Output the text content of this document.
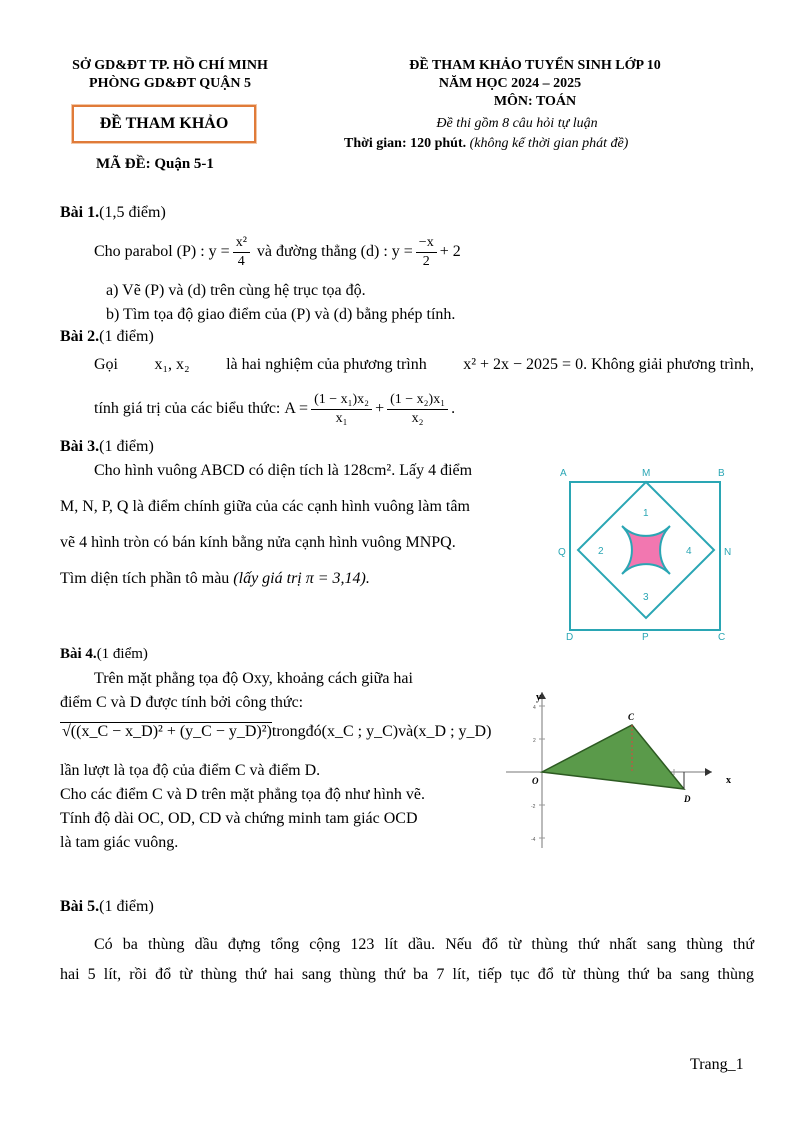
SỞ GD&ĐT TP. HỒ CHÍ MINH
PHÒNG GD&ĐT QUẬN 5
ĐỀ THAM KHẢO TUYỂN SINH LỚP 10
NĂM HỌC 2024 – 2025
MÔN: TOÁN
Đề thi gồm 8 câu hỏi tự luận
Thời gian: 120 phút. (không kể thời gian phát đề)
ĐỀ THAM KHẢO
MÃ ĐỀ: Quận 5-1
Bài 1.(1,5 điểm)
Cho parabol
(P) : $y = \frac{\text{x²}}{4}$
và đường thẳng
(d) : $y = \frac{-x}{2} + 2$
a) Vẽ (P) và (d) trên cùng hệ trục tọa độ.
b) Tìm tọa độ giao điểm của (P) và (d) bằng phép tính.
Bài 2.(1 điểm)
Gọi x₁, x₂ là hai nghiệm của phương trình x² + 2x − 2025 = 0. Không giải phương trình,
tính giá trị của các biểu thức:
$A = \frac{\text{(1 − x₁)x₂}}{\text{x₁}} + \frac{\text{(1 − x₂)x₁}}{\text{x₂}}$ .
Bài 3.(1 điểm)
Cho hình vuông ABCD có diện tích là 128cm². Lấy 4 điểm
M, N, P, Q là điểm chính giữa của các cạnh hình vuông làm tâm
vẽ 4 hình tròn có bán kính bằng nửa cạnh hình vuông MNPQ.
Tìm diện tích phần tô màu (lấy giá trị π = 3,14).
A	M	B
Q	N
D	P	C
1
2
3
4
Bài 4.(1 điểm)
Trên mặt phẳng tọa độ Oxy, khoảng cách giữa hai
điểm C và D được tính bởi công thức:
√((x_C − x_D)² + (y_C − y_D)²) trong đó (x_C ; y_C) và (x_D ; y_D)
lần lượt là tọa độ của điểm C và điểm D.
Cho các điểm C và D trên mặt phẳng tọa độ như hình vẽ.
Tính độ dài OC, OD, CD và chứng minh tam giác OCD
là tam giác vuông.
y
x
O
C
D
4
2
-2
-4
Bài 5.(1 điểm)
Có ba thùng dầu đựng tổng cộng 123 lít dầu. Nếu đổ từ thùng thứ nhất sang thùng thứ
hai 5 lít, rồi đổ từ thùng thứ hai sang thùng thứ ba 7 lít, tiếp tục đổ từ thùng thứ ba sang thùng
Trang_1
